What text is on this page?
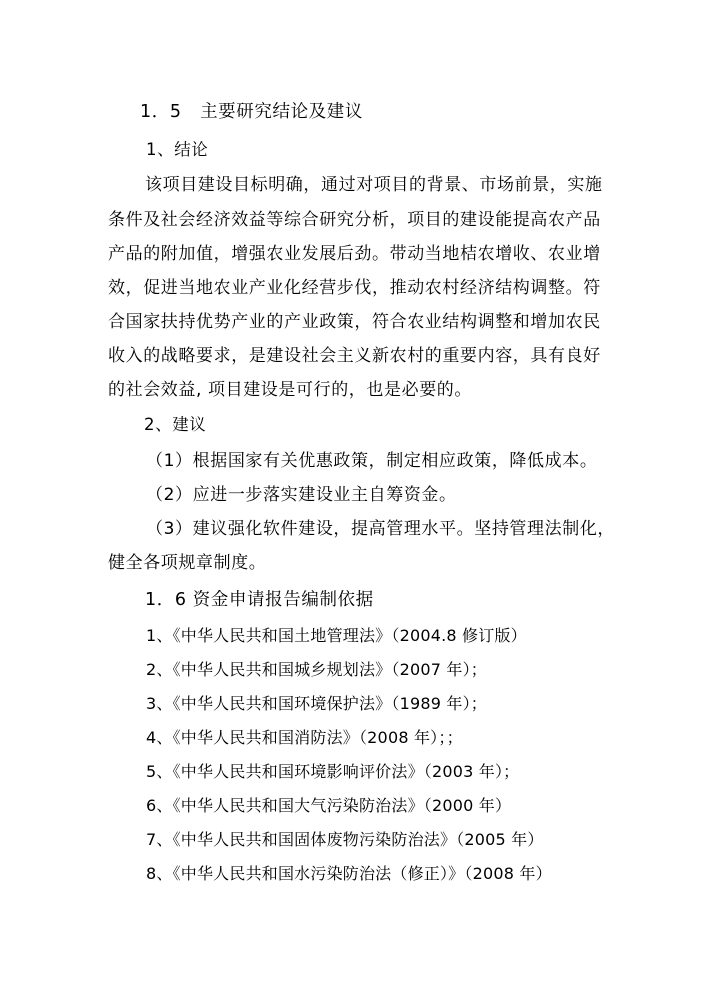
1．5 主要研究结论及建议

1、结论

该项目建设目标明确，通过对项目的背景、市场前景，实施

条件及社会经济效益等综合研究分析，项目的建设能提高农产品

产品的附加值，增强农业发展后劲。带动当地桔农增收、农业增

效，促进当地农业产业化经营步伐，推动农村经济结构调整。符

合国家扶持优势产业的产业政策，符合农业结构调整和增加农民

收入的战略要求，是建设社会主义新农村的重要内容，具有良好

的社会效益, 项目建设是可行的，也是必要的。

2、建议

（1）根据国家有关优惠政策，制定相应政策，降低成本。

（2）应进一步落实建设业主自筹资金。

（3）建议强化软件建设，提高管理水平。坚持管理法制化，

健全各项规章制度。

1．6 资金申请报告编制依据

1、《中华人民共和国土地管理法》（2004.8 修订版）

2、《中华人民共和国城乡规划法》（2007 年）；

3、《中华人民共和国环境保护法》（1989 年）；

4、《中华人民共和国消防法》（2008 年）；；

5、《中华人民共和国环境影响评价法》（2003 年）；

6、《中华人民共和国大气污染防治法》（2000 年）

7、《中华人民共和国固体废物污染防治法》（2005 年）

8、《中华人民共和国水污染防治法（修正）》（2008 年）
